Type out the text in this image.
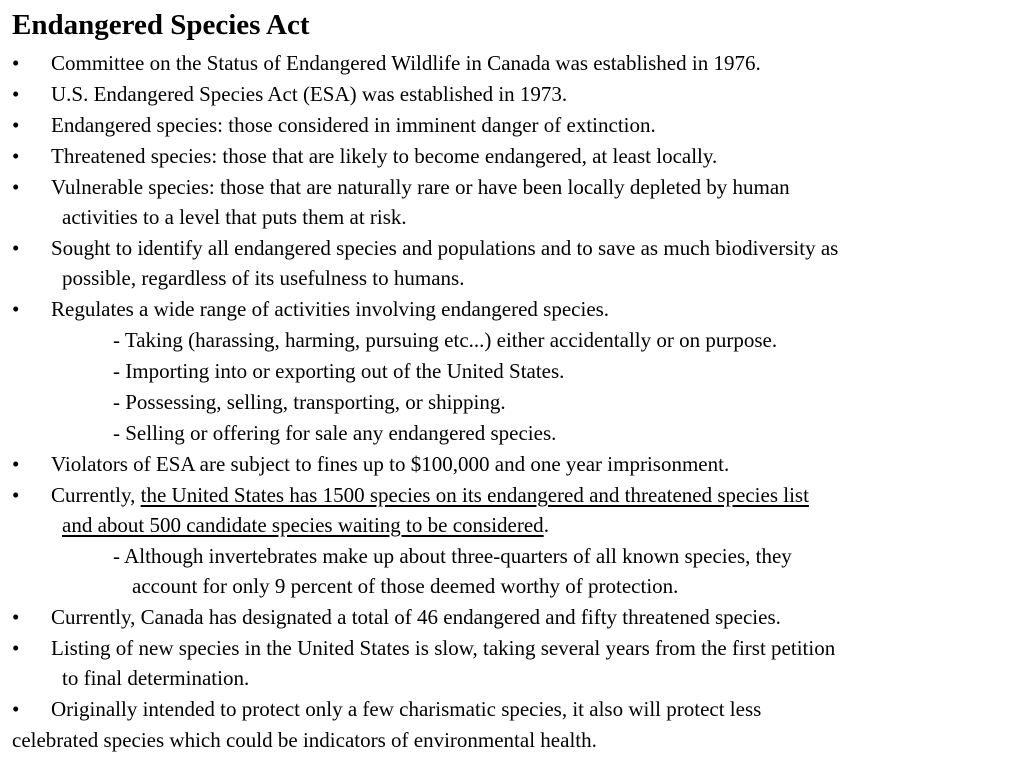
Endangered Species Act
• Committee on the Status of Endangered Wildlife in Canada was established in 1976.

• U.S. Endangered Species Act (ESA) was established in 1973.

• Endangered species: those considered in imminent danger of extinction.

• Threatened species: those that are likely to become endangered, at least locally.

• Vulnerable species: those that are naturally rare or have been locally depleted by human

activities to a level that puts them at risk.

• Sought to identify all endangered species and populations and to save as much biodiversity as

possible, regardless of its usefulness to humans.

• Regulates a wide range of activities involving endangered species.

- Taking (harassing, harming, pursuing etc...) either accidentally or on purpose.

- Importing into or exporting out of the United States.

- Possessing, selling, transporting, or shipping.

- Selling or offering for sale any endangered species.

• Violators of ESA are subject to fines up to $100,000 and one year imprisonment.

• Currently, the United States has 1500 species on its endangered and threatened species list

and about 500 candidate species waiting to be considered.

- Although invertebrates make up about three-quarters of all known species, they

account for only 9 percent of those deemed worthy of protection.

• Currently, Canada has designated a total of 46 endangered and fifty threatened species.

• Listing of new species in the United States is slow, taking several years from the first petition

to final determination.

• Originally intended to protect only a few charismatic species, it also will protect less

celebrated species which could be indicators of environmental health.
